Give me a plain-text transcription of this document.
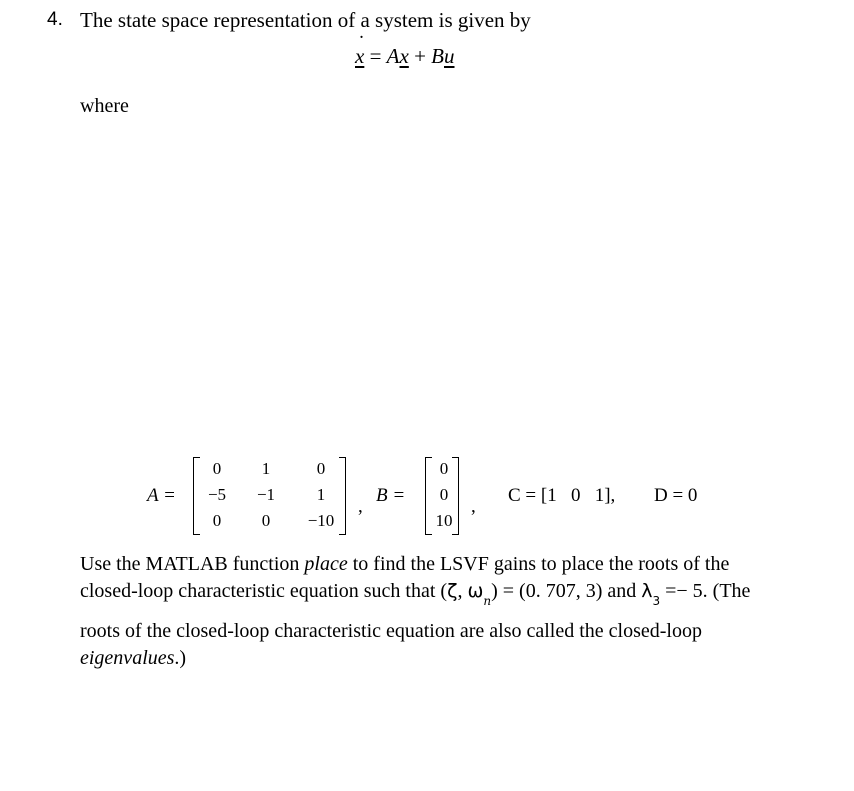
4. The state space representation of a system is given by
˙ x = Ax + Bu
where
A =
0 1	0
−5 −1 1
0 0 −10
,
B =
0
0
10
,
C = [1   0   1], D = 0
Use the MATLAB function place to find the LSVF gains to place the roots of the
closed-loop characteristic equation such that (ζ, $\omega_n) = (0$. 707, 3) and $\lambda_3 =- 5$. (The
roots of the closed-loop characteristic equation are also called the closed-loop
eigenvalues.)
